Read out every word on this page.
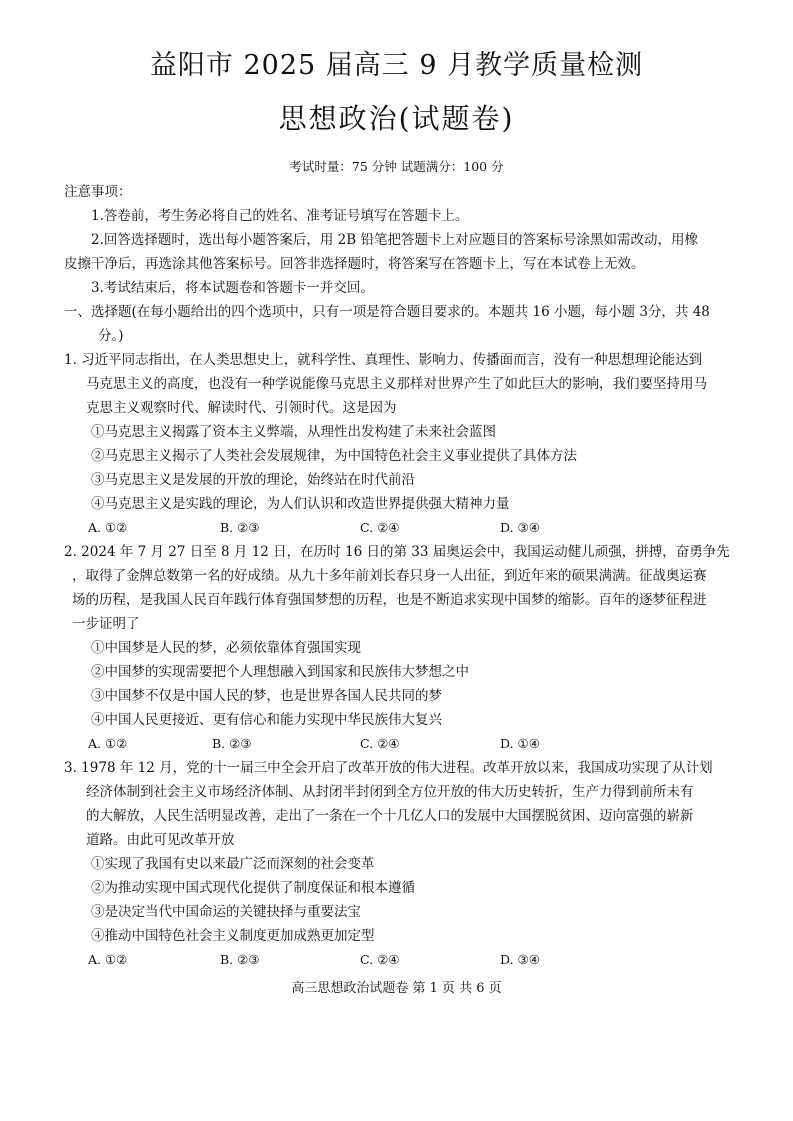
益阳市 2025 届高三 9 月教学质量检测
思想政治(试题卷)
考试时量：75 分钟 试题满分：100 分
注意事项：
1.答卷前，考生务必将自己的姓名、准考证号填写在答题卡上。
2.回答选择题时，选出每小题答案后，用 2B 铅笔把答题卡上对应题目的答案标号涂黑如需改动，用橡
皮擦干净后，再选涂其他答案标号。回答非选择题时，将答案写在答题卡上，写在本试卷上无效。
3.考试结束后，将本试题卷和答题卡一并交回。
一、选择题(在每小题给出的四个选项中，只有一项是符合题目要求的。本题共 16 小题，每小题 3分，共 48
分。)
1. 习近平同志指出，在人类思想史上，就科学性、真理性、影响力、传播面而言，没有一种思想理论能达到
马克思主义的高度，也没有一种学说能像马克思主义那样对世界产生了如此巨大的影响，我们要坚持用马
克思主义观察时代、解读时代、引领时代。这是因为
①马克思主义揭露了资本主义弊端，从理性出发构建了未来社会蓝图
②马克思主义揭示了人类社会发展规律，为中国特色社会主义事业提供了具体方法
③马克思主义是发展的开放的理论，始终站在时代前沿
④马克思主义是实践的理论，为人们认识和改造世界提供强大精神力量
A. ①②	B. ②③	C. ②④	D. ③④
2. 2024 年 7 月 27 日至 8 月 12 日，在历时 16 日的第 33 届奥运会中，我国运动健儿顽强，拼搏，奋勇争先
，取得了金牌总数第一名的好成绩。从九十多年前刘长春只身一人出征，到近年来的硕果满满。征战奥运赛
场的历程，是我国人民百年践行体育强国梦想的历程，也是不断追求实现中国梦的缩影。百年的逐梦征程进
一步证明了
①中国梦是人民的梦，必须依靠体育强国实现
②中国梦的实现需要把个人理想融入到国家和民族伟大梦想之中
③中国梦不仅是中国人民的梦，也是世界各国人民共同的梦
④中国人民更接近、更有信心和能力实现中华民族伟大复兴
A. ①②	B. ②③	C. ②④	D. ①④
3. 1978 年 12 月，党的十一届三中全会开启了改革开放的伟大进程。改革开放以来，我国成功实现了从计划
经济体制到社会主义市场经济体制、从封闭半封闭到全方位开放的伟大历史转折，生产力得到前所未有
的大解放，人民生活明显改善，走出了一条在一个十几亿人口的发展中大国摆脱贫困、迈向富强的崭新
道路。由此可见改革开放
①实现了我国有史以来最广泛而深刻的社会变革
②为推动实现中国式现代化提供了制度保证和根本遵循
③是决定当代中国命运的关键抉择与重要法宝
④推动中国特色社会主义制度更加成熟更加定型
A. ①②	B. ②③	C. ②④	D. ③④
高三思想政治试题卷 第 1 页 共 6 页
